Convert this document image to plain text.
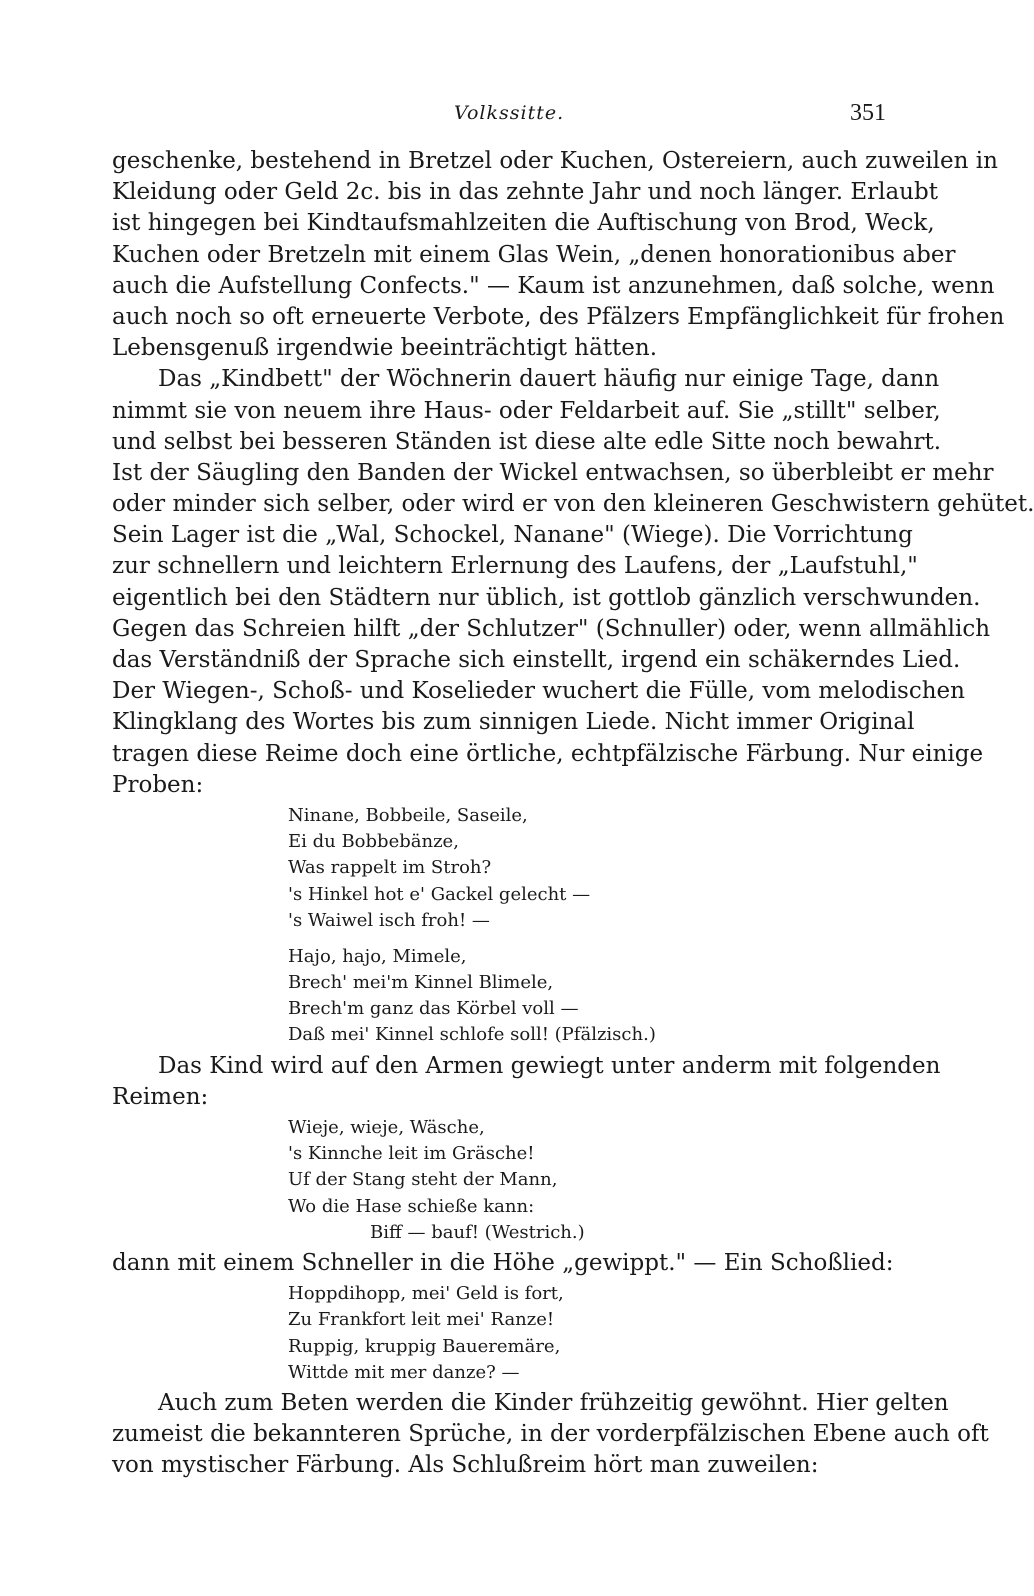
Volkssitte.	351
geschenke, bestehend in Bretzel oder Kuchen, Ostereiern, auch zuweilen in
Kleidung oder Geld 2c. bis in das zehnte Jahr und noch länger. Erlaubt
ist hingegen bei Kindtaufsmahlzeiten die Auftischung von Brod, Weck,
Kuchen oder Bretzeln mit einem Glas Wein, „denen honorationibus aber
auch die Aufstellung Confects." — Kaum ist anzunehmen, daß solche, wenn
auch noch so oft erneuerte Verbote, des Pfälzers Empfänglichkeit für frohen
Lebensgenuß irgendwie beeinträchtigt hätten.
Das „Kindbett" der Wöchnerin dauert häufig nur einige Tage, dann
nimmt sie von neuem ihre Haus- oder Feldarbeit auf. Sie „stillt" selber,
und selbst bei besseren Ständen ist diese alte edle Sitte noch bewahrt.
Ist der Säugling den Banden der Wickel entwachsen, so überbleibt er mehr
oder minder sich selber, oder wird er von den kleineren Geschwistern gehütet.
Sein Lager ist die „Wal, Schockel, Nanane" (Wiege). Die Vorrichtung
zur schnellern und leichtern Erlernung des Laufens, der „Laufstuhl,"
eigentlich bei den Städtern nur üblich, ist gottlob gänzlich verschwunden.
Gegen das Schreien hilft „der Schlutzer" (Schnuller) oder, wenn allmählich
das Verständniß der Sprache sich einstellt, irgend ein schäkerndes Lied.
Der Wiegen-, Schoß- und Koselieder wuchert die Fülle, vom melodischen
Klingklang des Wortes bis zum sinnigen Liede. Nicht immer Original
tragen diese Reime doch eine örtliche, echtpfälzische Färbung. Nur einige
Proben:
Ninane, Bobbeile, Saseile,
Ei du Bobbebänze,
Was rappelt im Stroh?
's Hinkel hot e' Gackel gelecht —
's Waiwel isch froh! —
Hajo, hajo, Mimele,
Brech' mei'm Kinnel Blimele,
Brech'm ganz das Körbel voll —
Daß mei' Kinnel schlofe soll! (Pfälzisch.)
Das Kind wird auf den Armen gewiegt unter anderm mit folgenden
Reimen:
Wieje, wieje, Wäsche,
's Kinnche leit im Gräsche!
Uf der Stang steht der Mann,
Wo die Hase schieße kann:
Biff — bauf! (Westrich.)
dann mit einem Schneller in die Höhe „gewippt." — Ein Schoßlied:
Hoppdihopp, mei' Geld is fort,
Zu Frankfort leit mei' Ranze!
Ruppig, kruppig Baueremäre,
Wittde mit mer danze? —
Auch zum Beten werden die Kinder frühzeitig gewöhnt. Hier gelten
zumeist die bekannteren Sprüche, in der vorderpfälzischen Ebene auch oft
von mystischer Färbung. Als Schlußreim hört man zuweilen:
